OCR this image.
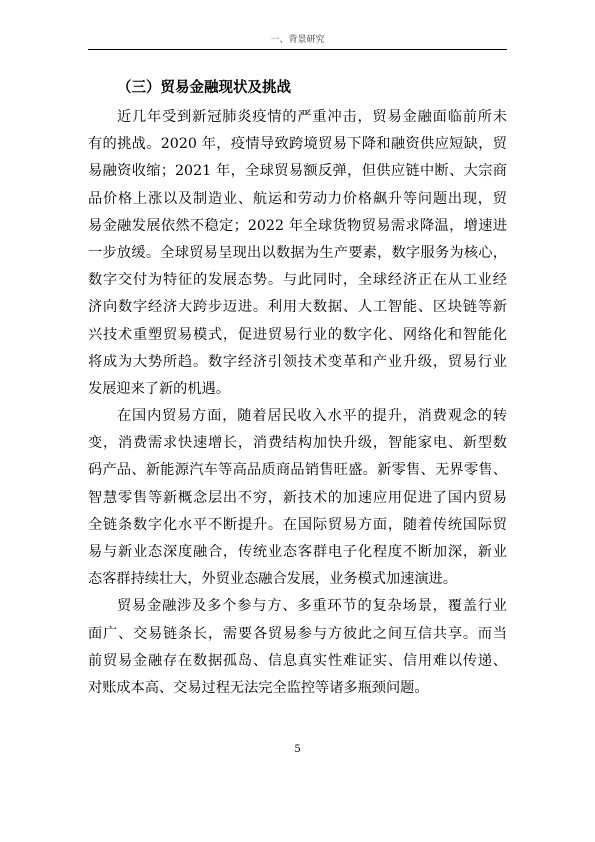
一、背景研究
（三）贸易金融现状及挑战
近几年受到新冠肺炎疫情的严重冲击，贸易金融面临前所未
有的挑战。2020 年，疫情导致跨境贸易下降和融资供应短缺，贸
易融资收缩；2021 年，全球贸易额反弹，但供应链中断、大宗商
品价格上涨以及制造业、航运和劳动力价格飙升等问题出现，贸
易金融发展依然不稳定；2022 年全球货物贸易需求降温，增速进
一步放缓。全球贸易呈现出以数据为生产要素，数字服务为核心，
数字交付为特征的发展态势。与此同时，全球经济正在从工业经
济向数字经济大跨步迈进。利用大数据、人工智能、区块链等新
兴技术重塑贸易模式，促进贸易行业的数字化、网络化和智能化
将成为大势所趋。数字经济引领技术变革和产业升级，贸易行业
发展迎来了新的机遇。
在国内贸易方面，随着居民收入水平的提升，消费观念的转
变，消费需求快速增长，消费结构加快升级，智能家电、新型数
码产品、新能源汽车等高品质商品销售旺盛。新零售、无界零售、
智慧零售等新概念层出不穷，新技术的加速应用促进了国内贸易
全链条数字化水平不断提升。在国际贸易方面，随着传统国际贸
易与新业态深度融合，传统业态客群电子化程度不断加深，新业
态客群持续壮大，外贸业态融合发展，业务模式加速演进。
贸易金融涉及多个参与方、多重环节的复杂场景，覆盖行业
面广、交易链条长，需要各贸易参与方彼此之间互信共享。而当
前贸易金融存在数据孤岛、信息真实性难证实、信用难以传递、
对账成本高、交易过程无法完全监控等诸多瓶颈问题。
5
